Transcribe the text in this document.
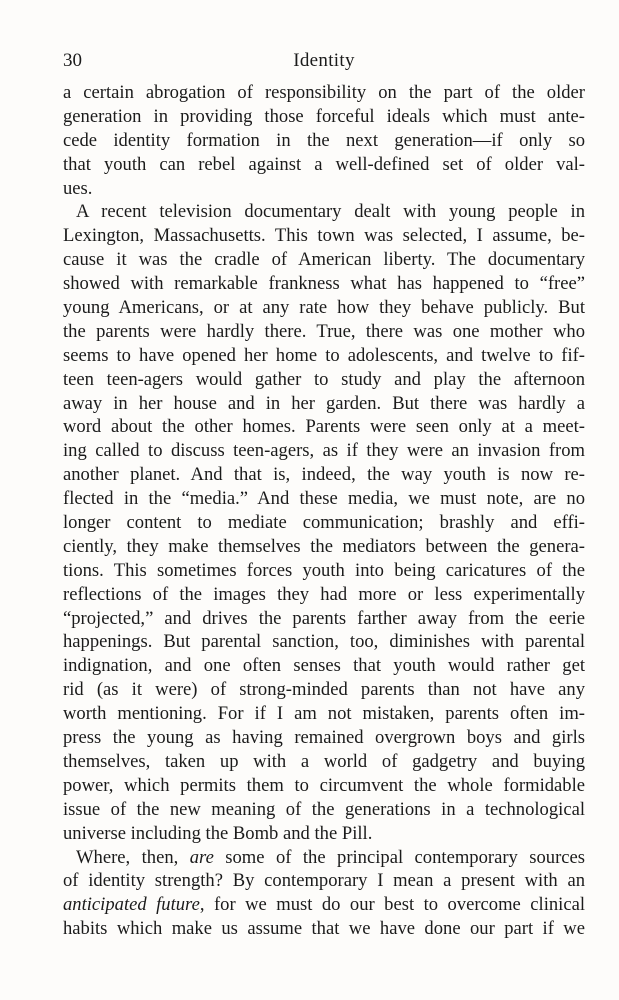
30	Identity
a certain abrogation of responsibility on the part of the older
generation in providing those forceful ideals which must ante-
cede identity formation in the next generation—if only so
that youth can rebel against a well-defined set of older val-
ues.
A recent television documentary dealt with young people in
Lexington, Massachusetts. This town was selected, I assume, be-
cause it was the cradle of American liberty. The documentary
showed with remarkable frankness what has happened to “free”
young Americans, or at any rate how they behave publicly. But
the parents were hardly there. True, there was one mother who
seems to have opened her home to adolescents, and twelve to fif-
teen teen-agers would gather to study and play the afternoon
away in her house and in her garden. But there was hardly a
word about the other homes. Parents were seen only at a meet-
ing called to discuss teen-agers, as if they were an invasion from
another planet. And that is, indeed, the way youth is now re-
flected in the “media.” And these media, we must note, are no
longer content to mediate communication; brashly and effi-
ciently, they make themselves the mediators between the genera-
tions. This sometimes forces youth into being caricatures of the
reflections of the images they had more or less experimentally
“projected,” and drives the parents farther away from the eerie
happenings. But parental sanction, too, diminishes with parental
indignation, and one often senses that youth would rather get
rid (as it were) of strong-minded parents than not have any
worth mentioning. For if I am not mistaken, parents often im-
press the young as having remained overgrown boys and girls
themselves, taken up with a world of gadgetry and buying
power, which permits them to circumvent the whole formidable
issue of the new meaning of the generations in a technological
universe including the Bomb and the Pill.
Where, then, are some of the principal contemporary sources
of identity strength? By contemporary I mean a present with an
anticipated future, for we must do our best to overcome clinical
habits which make us assume that we have done our part if we
